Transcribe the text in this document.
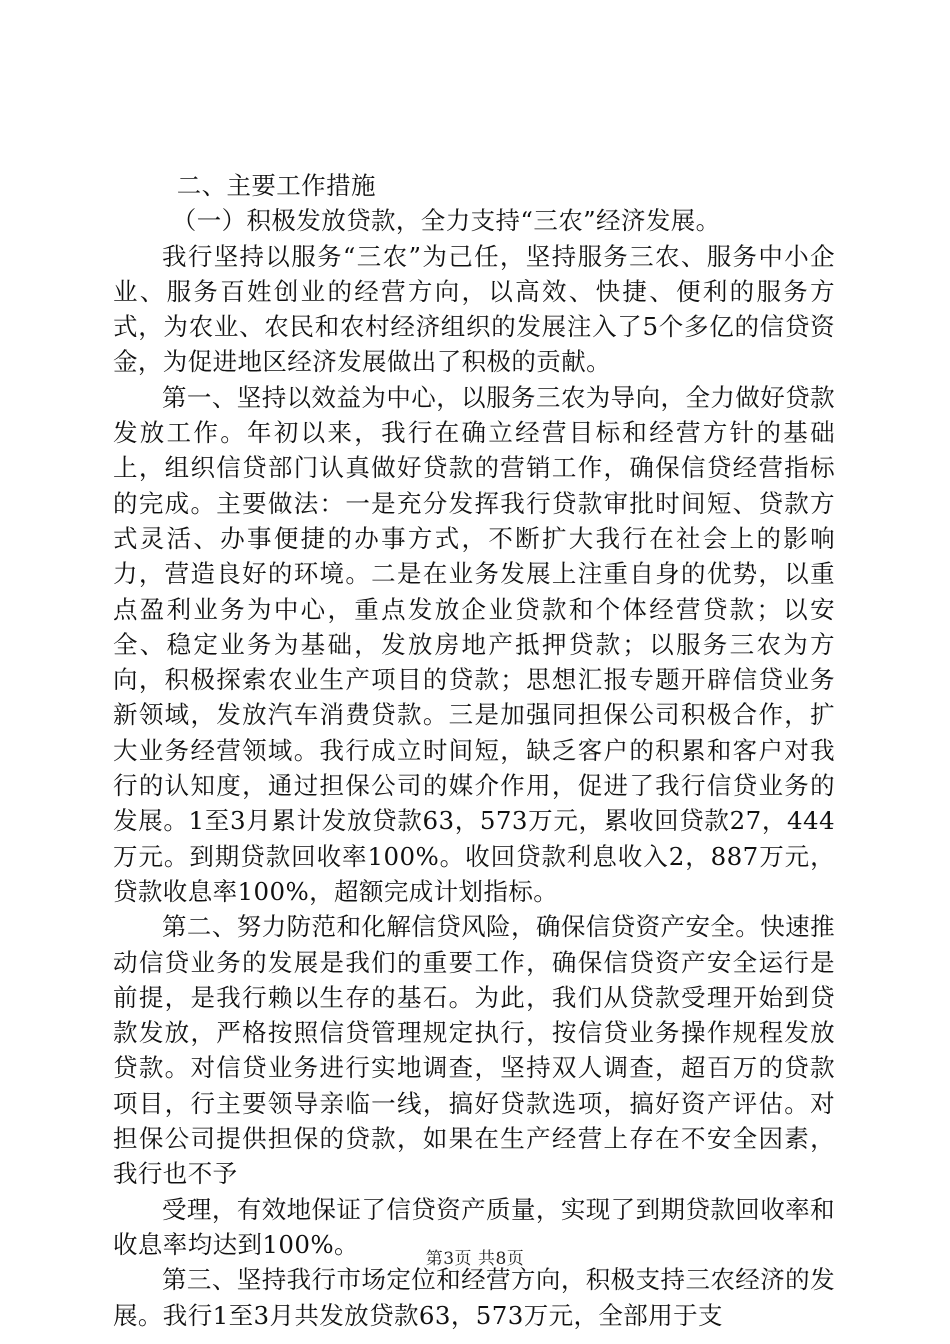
二、主要工作措施

（一）积极发放贷款，全力支持“三农”经济发展。

我行坚持以服务“三农”为己任，坚持服务三农、服务中小企业、服务百姓创业的经营方向，以高效、快捷、便利的服务方式，为农业、农民和农村经济组织的发展注入了5个多亿的信贷资金，为促进地区经济发展做出了积极的贡献。

第一、坚持以效益为中心，以服务三农为导向，全力做好贷款发放工作。年初以来，我行在确立经营目标和经营方针的基础上，组织信贷部门认真做好贷款的营销工作，确保信贷经营指标的完成。主要做法：一是充分发挥我行贷款审批时间短、贷款方式灵活、办事便捷的办事方式，不断扩大我行在社会上的影响力，营造良好的环境。二是在业务发展上注重自身的优势，以重点盈利业务为中心，重点发放企业贷款和个体经营贷款；以安全、稳定业务为基础，发放房地产抵押贷款；以服务三农为方向，积极探索农业生产项目的贷款；思想汇报专题开辟信贷业务新领域，发放汽车消费贷款。三是加强同担保公司积极合作，扩大业务经营领域。我行成立时间短，缺乏客户的积累和客户对我行的认知度，通过担保公司的媒介作用，促进了我行信贷业务的发展。1至3月累计发放贷款63，573万元，累收回贷款27，444万元。到期贷款回收率100%。收回贷款利息收入2，887万元，贷款收息率100%，超额完成计划指标。

第二、努力防范和化解信贷风险，确保信贷资产安全。快速推动信贷业务的发展是我们的重要工作，确保信贷资产安全运行是前提，是我行赖以生存的基石。为此，我们从贷款受理开始到贷款发放，严格按照信贷管理规定执行，按信贷业务操作规程发放贷款。对信贷业务进行实地调查，坚持双人调查，超百万的贷款项目，行主要领导亲临一线，搞好贷款选项，搞好资产评估。对担保公司提供担保的贷款，如果在生产经营上存在不安全因素，我行也不予

受理，有效地保证了信贷资产质量，实现了到期贷款回收率和收息率均达到100%。

第三、坚持我行市场定位和经营方向，积极支持三农经济的发展。我行1至3月共发放贷款63，573万元，全部用于支

第3页 共8页
